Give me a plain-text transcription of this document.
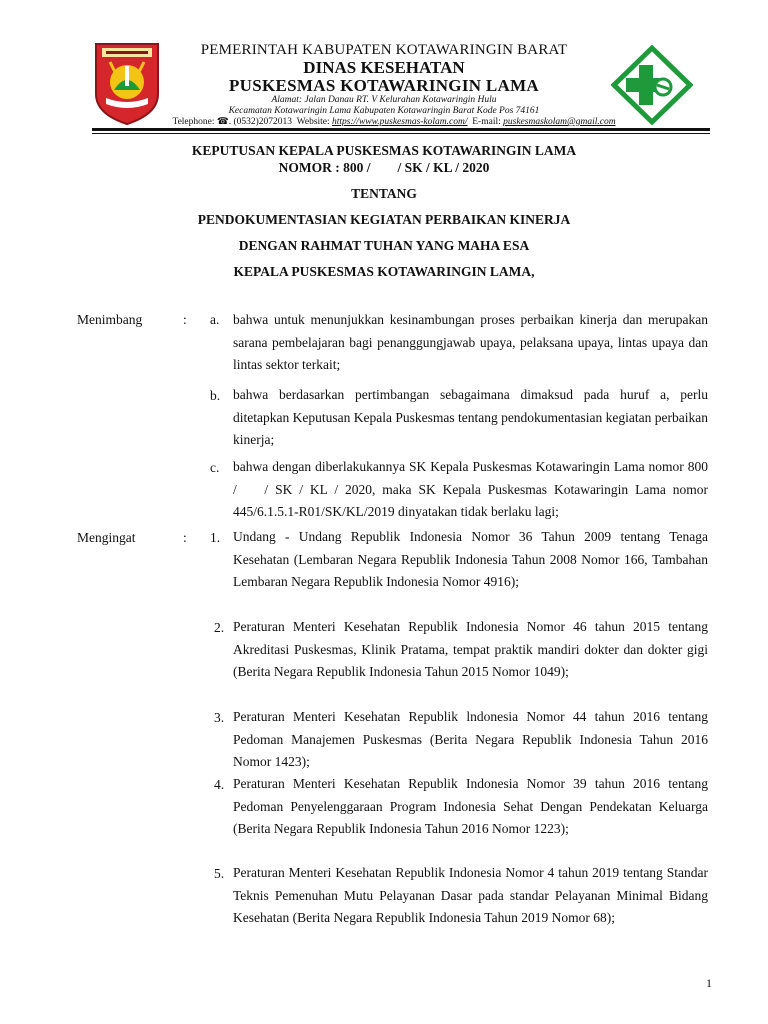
PEMERINTAH KABUPATEN KOTAWARINGIN BARAT
DINAS KESEHATAN
PUSKESMAS KOTAWARINGIN LAMA
Alamat: Jalan Danau RT. V Kelurahan Kotawaringin Hulu
Kecamatan Kotawaringin Lama Kabupaten Kotawaringin Barat Kode Pos 74161
Telephone: ☎. (0532)2072013 Website: https://www.puskesmas-kolam.com/ E-mail: puskesmaskolam@gmail.com
KEPUTUSAN KEPALA PUSKESMAS KOTAWARINGIN LAMA
NOMOR : 800 /        / SK / KL / 2020
TENTANG
PENDOKUMENTASIAN KEGIATAN PERBAIKAN KINERJA
DENGAN RAHMAT TUHAN YANG MAHA ESA
KEPALA PUSKESMAS KOTAWARINGIN LAMA,
Menimbang	: a. bahwa untuk menunjukkan kesinambungan proses perbaikan kinerja dan merupakan sarana pembelajaran bagi penanggungjawab upaya, pelaksana upaya, lintas upaya dan lintas sektor terkait;
b. bahwa berdasarkan pertimbangan sebagaimana dimaksud pada huruf a, perlu ditetapkan Keputusan Kepala Puskesmas tentang pendokumentasian kegiatan perbaikan kinerja;
c. bahwa dengan diberlakukannya SK Kepala Puskesmas Kotawaringin Lama nomor 800 /    / SK / KL / 2020, maka SK Kepala Puskesmas Kotawaringin Lama nomor 445/6.1.5.1-R01/SK/KL/2019 dinyatakan tidak berlaku lagi;
Mengingat	: 1. Undang - Undang Republik Indonesia Nomor 36 Tahun 2009 tentang Tenaga Kesehatan (Lembaran Negara Republik Indonesia Tahun 2008 Nomor 166, Tambahan Lembaran Negara Republik Indonesia Nomor 4916);
2. Peraturan Menteri Kesehatan Republik Indonesia Nomor 46 tahun 2015 tentang Akreditasi Puskesmas, Klinik Pratama, tempat praktik mandiri dokter dan dokter gigi (Berita Negara Republik Indonesia Tahun 2015 Nomor 1049);
3. Peraturan Menteri Kesehatan Republik lndonesia Nomor 44 tahun 2016 tentang Pedoman Manajemen Puskesmas (Berita Negara Republik Indonesia Tahun 2016 Nomor 1423);
4. Peraturan Menteri Kesehatan Republik Indonesia Nomor 39 tahun 2016 tentang Pedoman Penyelenggaraan Program Indonesia Sehat Dengan Pendekatan Keluarga (Berita Negara Republik Indonesia Tahun 2016 Nomor 1223);
5. Peraturan Menteri Kesehatan Republik Indonesia Nomor 4 tahun 2019 tentang Standar Teknis Pemenuhan Mutu Pelayanan Dasar pada standar Pelayanan Minimal Bidang Kesehatan (Berita Negara Republik Indonesia Tahun 2019 Nomor 68);
1
